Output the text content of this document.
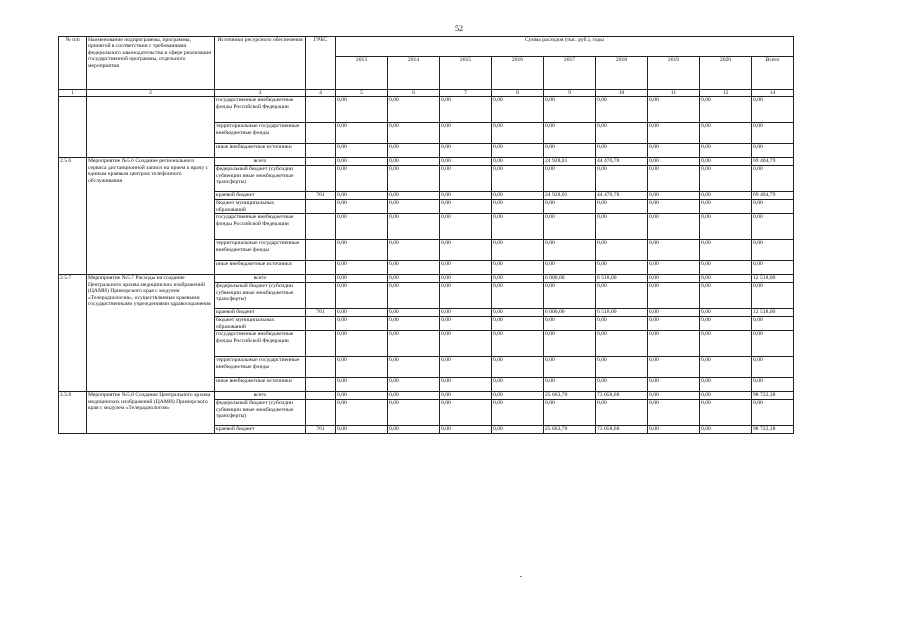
52
№ п/п	Наименование подпрограммы, программы, принятой в соответствии с требованиями федерального законодательства в сфере реализации государственной программы, отдельного мероприятия	Источники ресурсного обеспечения	ГРБС	Сумма расходов (тыс. руб.), годы								
				2013	2014	2015	2016	2017	2018	2019	2020	Всего
1	2	3	4	5	6	7	8	9	10	11	12	14
		государственные внебюджетные фонды Российской Федерации		0,00	0,00	0,00	0,00	0,00	0,00	0,00	0,00	0,00
		территориальные государственные внебюджетные фонды		0,00	0,00	0,00	0,00	0,00	0,00	0,00	0,00	0,00
		иные внебюджетные источники		0,00	0,00	0,00	0,00	0,00	0,00	0,00	0,00	0,00
2.5.6	Мероприятие №5.6 Создание регионального сервиса дистанционной записи на прием к врачу с единым краевым центром телефонного обслуживания	всего		0,00	0,00	0,00	0,00	24 928,01	44 476,78	0,00	0,00	69 404,79
		федеральный бюджет (субсидии субвенции иные межбюджетные трансферты)		0,00	0,00	0,00	0,00	0,00	0,00	0,00	0,00	0,00
		краевой бюджет	761	0,00	0,00	0,00	0,00	24 928,01	44 476,78	0,00	0,00	69 404,79
		бюджет муниципальных образований		0,00	0,00	0,00	0,00	0,00	0,00	0,00	0,00	0,00
		государственные внебюджетные фонды Российской Федерации		0,00	0,00	0,00	0,00	0,00	0,00	0,00	0,00	0,00
		территориальные государственные внебюджетные фонды		0,00	0,00	0,00	0,00	0,00	0,00	0,00	0,00	0,00
		иные внебюджетные источники		0,00	0,00	0,00	0,00	0,00	0,00	0,00	0,00	0,00
2.5.7	Мероприятие №5.7 Расходы на создание Центрального архива медицинских изображений (ЦАМИ) Приморского края с модулем «Телерадиология», осуществляемые краевыми государственными учреждениями здравоохранения	всего		0,00	0,00	0,00	0,00	6 000,00	6 518,00	0,00	0,00	12 518,00
		федеральный бюджет (субсидии субвенции иные межбюджетные трансферты)		0,00	0,00	0,00	0,00	0,00	0,00	0,00	0,00	0,00
		краевой бюджет	761	0,00	0,00	0,00	0,00	6 000,00	6 518,00	0,00	0,00	12 518,00
		бюджет муниципальных образований		0,00	0,00	0,00	0,00	0,00	0,00	0,00	0,00	0,00
		государственные внебюджетные фонды Российской Федерации		0,00	0,00	0,00	0,00	0,00	0,00	0,00	0,00	0,00
		территориальные государственные внебюджетные фонды		0,00	0,00	0,00	0,00	0,00	0,00	0,00	0,00	0,00
		иные внебюджетные источники		0,00	0,00	0,00	0,00	0,00	0,00	0,00	0,00	0,00
2.5.8	Мероприятие №5.8 Создание Центрального архива медицинских изображений (ЦАМИ) Приморского края с модулем «Телерадиология»	всего		0,00	0,00	0,00	0,00	25 663,70	73 058,68	0,00	0,00	98 722,38
		федеральный бюджет (субсидии субвенции иные межбюджетные трансферты)		0,00	0,00	0,00	0,00	0,00	0,00	0,00	0,00	0,00
		краевой бюджет	761	0,00	0,00	0,00	0,00	25 663,70	73 058,68	0,00	0,00	98 722,38
